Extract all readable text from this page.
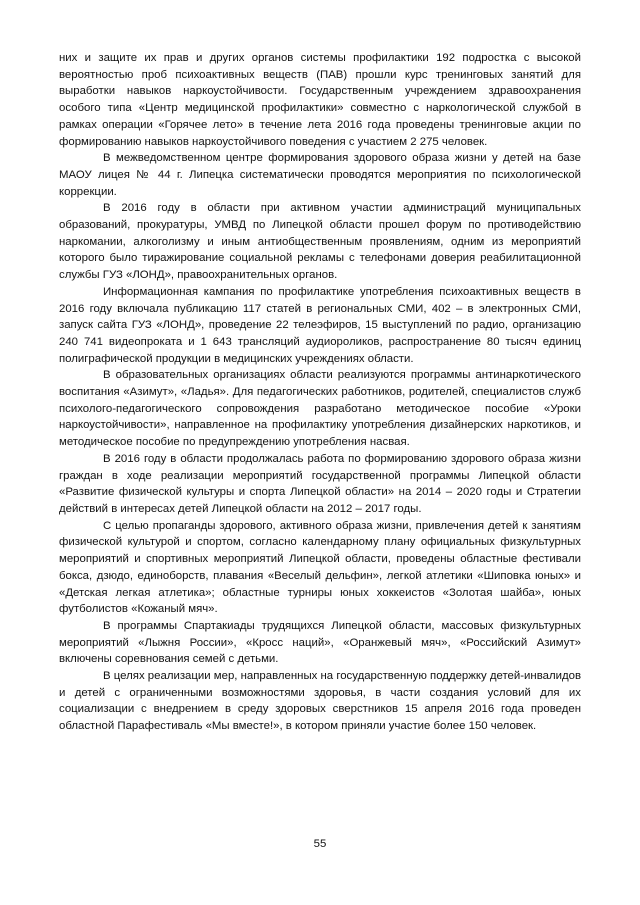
них и защите их прав и других органов системы профилактики 192 подростка с высокой вероятностью проб психоактивных веществ (ПАВ) прошли курс тренинговых занятий для выработки навыков наркоустойчивости. Государственным учреждением здравоохранения особого типа «Центр медицинской профилактики» совместно с наркологической службой в рамках операции «Горячее лето» в течение лета 2016 года проведены тренинговые акции по формированию навыков наркоустойчивого поведения с участием 2 275 человек.

В межведомственном центре формирования здорового образа жизни у детей на базе МАОУ лицея № 44 г. Липецка систематически проводятся мероприятия по психологической коррекции.

В 2016 году в области при активном участии администраций муниципальных образований, прокуратуры, УМВД по Липецкой области прошел форум по противодействию наркомании, алкоголизму и иным антиобщественным проявлениям, одним из мероприятий которого было тиражирование социальной рекламы с телефонами доверия реабилитационной службы ГУЗ «ЛОНД», правоохранительных органов.

Информационная кампания по профилактике употребления психоактивных веществ в 2016 году включала публикацию 117 статей в региональных СМИ, 402 – в электронных СМИ, запуск сайта ГУЗ «ЛОНД», проведение 22 телеэфиров, 15 выступлений по радио, организацию 240 741 видеопроката и 1 643 трансляций аудиороликов, распространение 80 тысяч единиц полиграфической продукции в медицинских учреждениях области.

В образовательных организациях области реализуются программы антинаркотического воспитания «Азимут», «Ладья». Для педагогических работников, родителей, специалистов служб психолого-педагогического сопровождения разработано методическое пособие «Уроки наркоустойчивости», направленное на профилактику употребления дизайнерских наркотиков, и методическое пособие по предупреждению употребления насвая.

В 2016 году в области продолжалась работа по формированию здорового образа жизни граждан в ходе реализации мероприятий государственной программы Липецкой области «Развитие физической культуры и спорта Липецкой области» на 2014 – 2020 годы и Стратегии действий в интересах детей Липецкой области на 2012 – 2017 годы.

С целью пропаганды здорового, активного образа жизни, привлечения детей к занятиям физической культурой и спортом, согласно календарному плану официальных физкультурных мероприятий и спортивных мероприятий Липецкой области, проведены областные фестивали бокса, дзюдо, единоборств, плавания «Веселый дельфин», легкой атлетики «Шиповка юных» и «Детская легкая атлетика»; областные турниры юных хоккеистов «Золотая шайба», юных футболистов «Кожаный мяч».

В программы Спартакиады трудящихся Липецкой области, массовых физкультурных мероприятий «Лыжня России», «Кросс наций», «Оранжевый мяч», «Российский Азимут» включены соревнования семей с детьми.

В целях реализации мер, направленных на государственную поддержку детей-инвалидов и детей с ограниченными возможностями здоровья, в части создания условий для их социализации с внедрением в среду здоровых сверстников 15 апреля 2016 года проведен областной Парафестиваль «Мы вместе!», в котором приняли участие более 150 человек.

55
